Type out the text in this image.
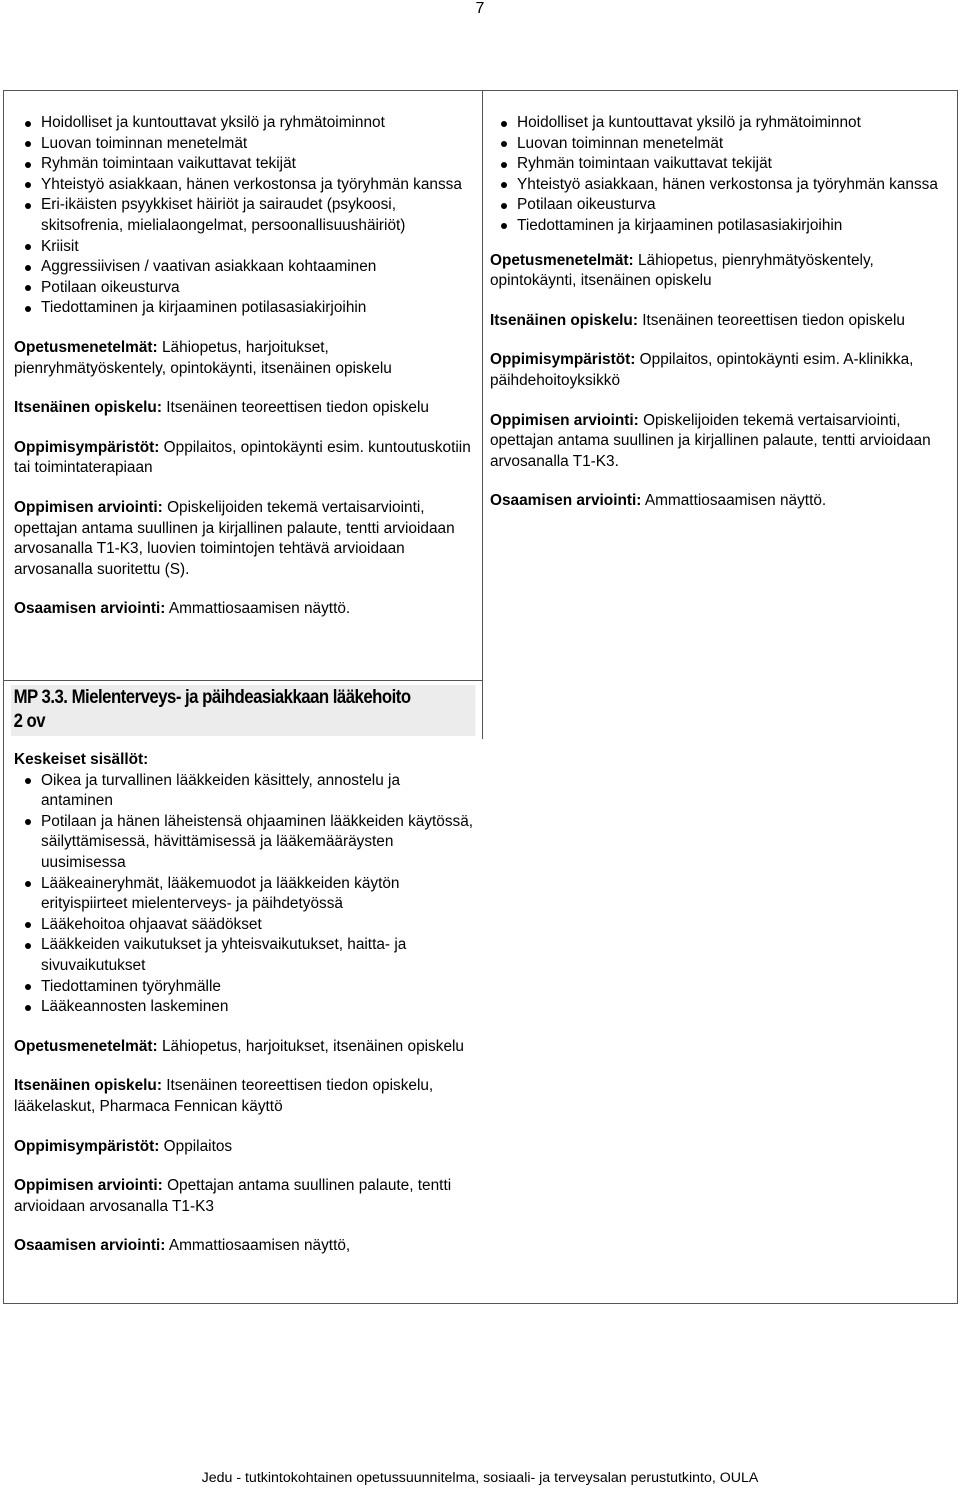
7
Hoidolliset ja kuntouttavat yksilö ja ryhmätoiminnot
Luovan toiminnan menetelmät
Ryhmän toimintaan vaikuttavat tekijät
Yhteistyö asiakkaan, hänen verkostonsa ja työryhmän kanssa
Eri-ikäisten psyykkiset häiriöt ja sairaudet (psykoosi, skitsofrenia, mielialaongelmat, persoonallisuushäiriöt)
Kriisit
Aggressiivisen / vaativan asiakkaan kohtaaminen
Potilaan oikeusturva
Tiedottaminen ja kirjaaminen potilasasiakirjoihin

Opetusmenetelmät: Lähiopetus, harjoitukset, pienryhmätyöskentely, opintokäynti, itsenäinen opiskelu

Itsenäinen opiskelu: Itsenäinen teoreettisen tiedon opiskelu

Oppimisympäristöt: Oppilaitos, opintokäynti esim. kuntoutuskotiin tai toimintaterapiaan

Oppimisen arviointi: Opiskelijoiden tekemä vertaisarviointi, opettajan antama suullinen ja kirjallinen palaute, tentti arvioidaan arvosanalla T1-K3, luovien toimintojen tehtävä arvioidaan arvosanalla suoritettu (S).

Osaamisen arviointi: Ammattiosaamisen näyttö.

Hoidolliset ja kuntouttavat yksilö ja ryhmätoiminnot
Luovan toiminnan menetelmät
Ryhmän toimintaan vaikuttavat tekijät
Yhteistyö asiakkaan, hänen verkostonsa ja työryhmän kanssa
Potilaan oikeusturva
Tiedottaminen ja kirjaaminen potilasasiakirjoihin

Opetusmenetelmät: Lähiopetus, pienryhmätyöskentely, opintokäynti, itsenäinen opiskelu

Itsenäinen opiskelu: Itsenäinen teoreettisen tiedon opiskelu

Oppimisympäristöt: Oppilaitos, opintokäynti esim. A-klinikka, päihdehoitoyksikkö

Oppimisen arviointi: Opiskelijoiden tekemä vertaisarviointi, opettajan antama suullinen ja kirjallinen palaute, tentti arvioidaan arvosanalla T1-K3.

Osaamisen arviointi: Ammattiosaamisen näyttö.

MP 3.3. Mielenterveys- ja päihdeasiakkaan lääkehoito
2 ov

Keskeiset sisällöt:

Oikea ja turvallinen lääkkeiden käsittely, annostelu ja antaminen
Potilaan ja hänen läheistensä ohjaaminen lääkkeiden käytössä, säilyttämisessä, hävittämisessä ja lääkemääräysten uusimisessa
Lääkeaineryhmät, lääkemuodot ja lääkkeiden käytön erityispiirteet mielenterveys- ja päihdetyössä
Lääkehoitoa ohjaavat säädökset
Lääkkeiden vaikutukset ja yhteisvaikutukset, haitta- ja sivuvaikutukset
Tiedottaminen työryhmälle
Lääkeannosten laskeminen

Opetusmenetelmät: Lähiopetus, harjoitukset, itsenäinen opiskelu

Itsenäinen opiskelu: Itsenäinen teoreettisen tiedon opiskelu, lääkelaskut, Pharmaca Fennican käyttö

Oppimisympäristöt: Oppilaitos

Oppimisen arviointi: Opettajan antama suullinen palaute, tentti arvioidaan arvosanalla T1-K3

Osaamisen arviointi: Ammattiosaamisen näyttö,

Jedu - tutkintokohtainen opetussuunnitelma, sosiaali- ja terveysalan perustutkinto, OULA
